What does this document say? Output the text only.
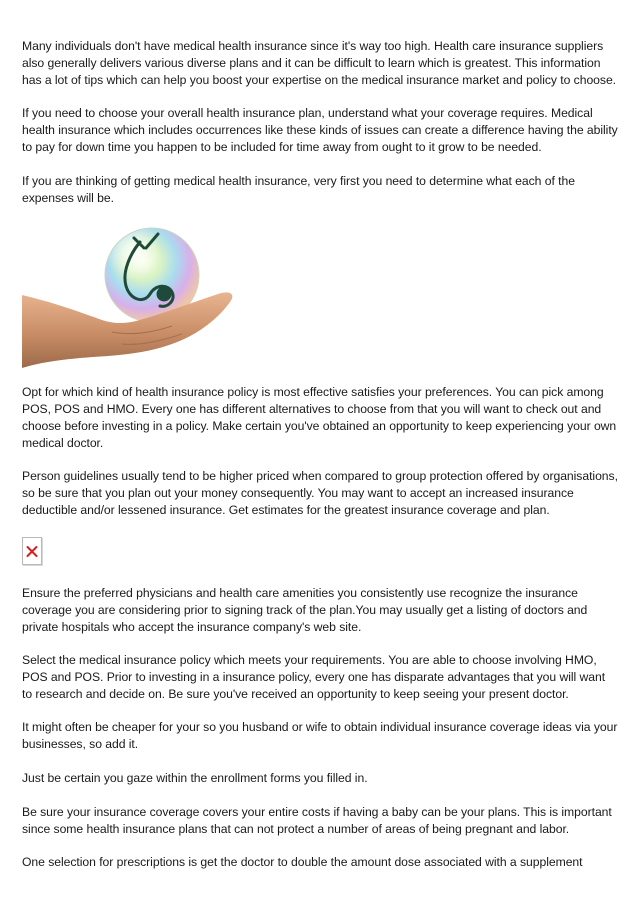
Many individuals don't have medical health insurance since it's way too high. Health care insurance suppliers also generally delivers various diverse plans and it can be difficult to learn which is greatest. This information has a lot of tips which can help you boost your expertise on the medical insurance market and policy to choose.

If you need to choose your overall health insurance plan, understand what your coverage requires. Medical health insurance which includes occurrences like these kinds of issues can create a difference having the ability to pay for down time you happen to be included for time away from ought to it grow to be needed.

If you are thinking of getting medical health insurance, very first you need to determine what each of the expenses will be.

Opt for which kind of health insurance policy is most effective satisfies your preferences. You can pick among POS, POS and HMO. Every one has different alternatives to choose from that you will want to check out and choose before investing in a policy. Make certain you've obtained an opportunity to keep experiencing your own medical doctor.

Person guidelines usually tend to be higher priced when compared to group protection offered by organisations, so be sure that you plan out your money consequently. You may want to accept an increased insurance deductible and/or lessened insurance. Get estimates for the greatest insurance coverage and plan.

Ensure the preferred physicians and health care amenities you consistently use recognize the insurance coverage you are considering prior to signing track of the plan.You may usually get a listing of doctors and private hospitals who accept the insurance company's web site.

Select the medical insurance policy which meets your requirements. You are able to choose involving HMO, POS and POS. Prior to investing in a insurance policy, every one has disparate advantages that you will want to research and decide on. Be sure you've received an opportunity to keep seeing your present doctor.

It might often be cheaper for your so you husband or wife to obtain individual insurance coverage ideas via your businesses, so add it.

Just be certain you gaze within the enrollment forms you filled in.

Be sure your insurance coverage covers your entire costs if having a baby can be your plans. This is important since some health insurance plans that can not protect a number of areas of being pregnant and labor.

One selection for prescriptions is get the doctor to double the amount dose associated with a supplement
